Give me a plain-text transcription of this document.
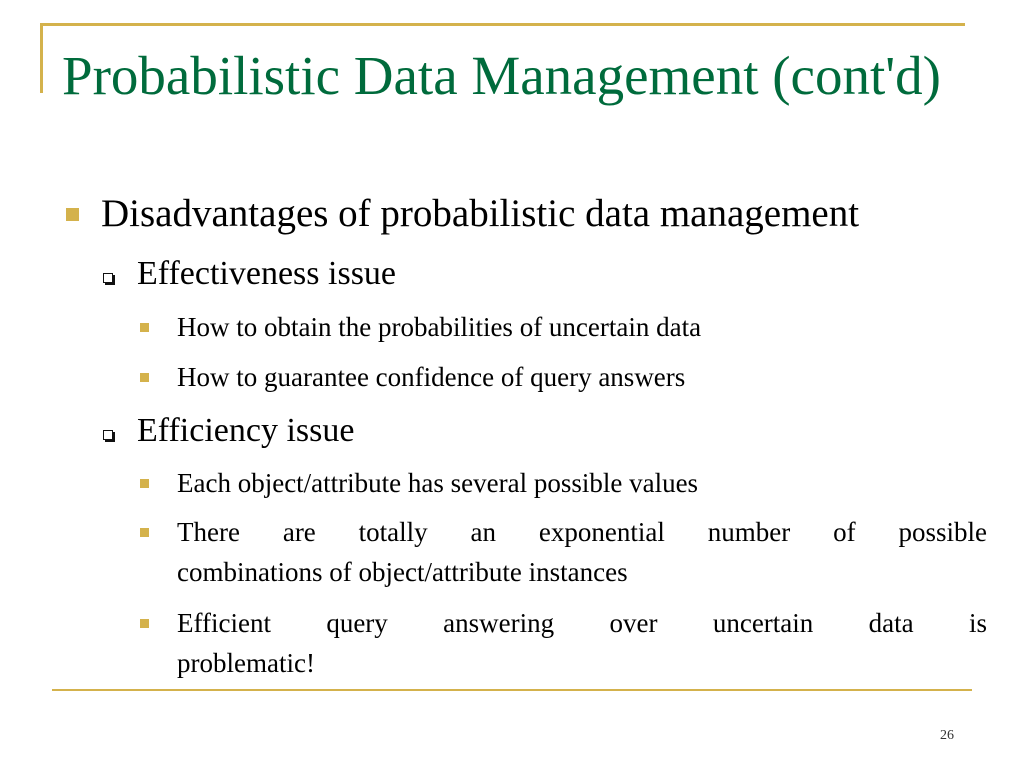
Probabilistic Data Management (cont'd)
Disadvantages of probabilistic data management
Effectiveness issue
How to obtain the probabilities of uncertain data
How to guarantee confidence of query answers
Efficiency issue
Each object/attribute has several possible values
There are totally an exponential number of possible
combinations of object/attribute instances
Efficient query answering over uncertain data is
problematic!
26
